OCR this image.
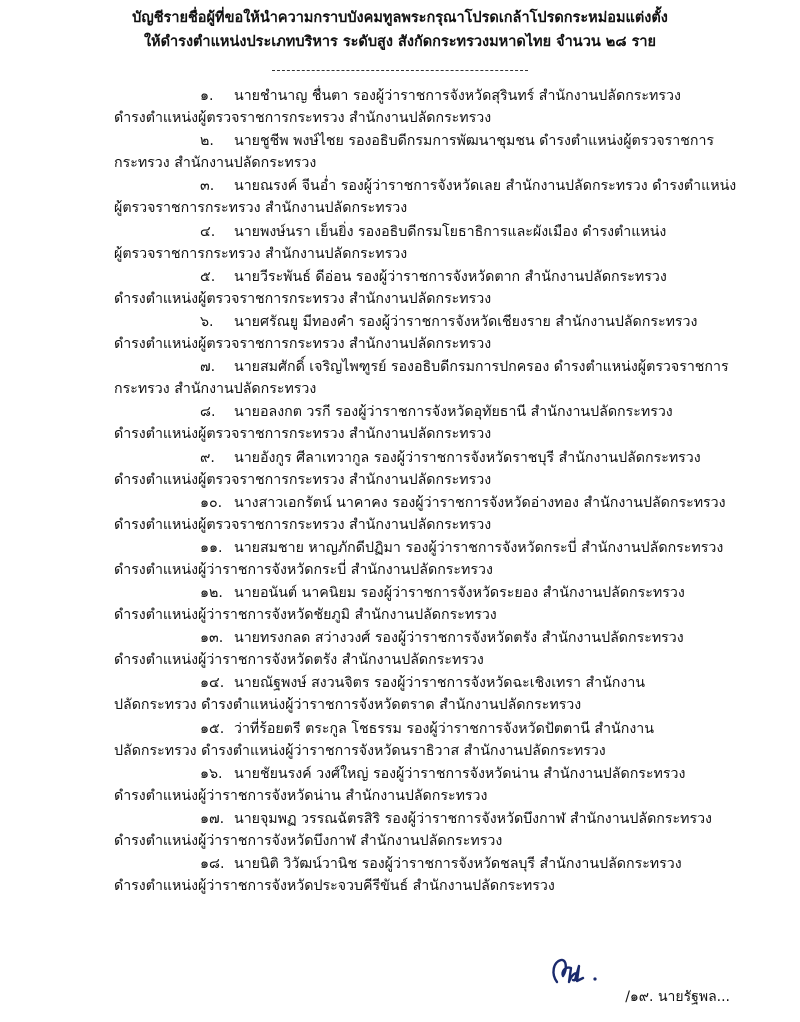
บัญชีรายชื่อผู้ที่ขอให้นำความกราบบังคมทูลพระกรุณาโปรดเกล้าโปรดกระหม่อมแต่งตั้ง
ให้ดำรงตำแหน่งประเภทบริหาร ระดับสูง สังกัดกระทรวงมหาดไทย จำนวน ๒๘ ราย
๑. นายชำนาญ ชื่นตา รองผู้ว่าราชการจังหวัดสุรินทร์ สำนักงานปลัดกระทรวง
ดำรงตำแหน่งผู้ตรวจราชการกระทรวง สำนักงานปลัดกระทรวง
๒. นายชูชีพ พงษ์ไชย รองอธิบดีกรมการพัฒนาชุมชน ดำรงตำแหน่งผู้ตรวจราชการ
กระทรวง สำนักงานปลัดกระทรวง
๓. นายณรงค์ จีนอ่ำ รองผู้ว่าราชการจังหวัดเลย สำนักงานปลัดกระทรวง ดำรงตำแหน่ง
ผู้ตรวจราชการกระทรวง สำนักงานปลัดกระทรวง
๔. นายพงษ์นรา เย็นยิ่ง รองอธิบดีกรมโยธาธิการและผังเมือง ดำรงตำแหน่ง
ผู้ตรวจราชการกระทรวง สำนักงานปลัดกระทรวง
๕. นายวีระพันธ์ ดีอ่อน รองผู้ว่าราชการจังหวัดตาก สำนักงานปลัดกระทรวง
ดำรงตำแหน่งผู้ตรวจราชการกระทรวง สำนักงานปลัดกระทรวง
๖. นายศรัณยู มีทองคำ รองผู้ว่าราชการจังหวัดเชียงราย สำนักงานปลัดกระทรวง
ดำรงตำแหน่งผู้ตรวจราชการกระทรวง สำนักงานปลัดกระทรวง
๗. นายสมศักดิ์ เจริญไพฑูรย์ รองอธิบดีกรมการปกครอง ดำรงตำแหน่งผู้ตรวจราชการ
กระทรวง สำนักงานปลัดกระทรวง
๘. นายอลงกต วรกี รองผู้ว่าราชการจังหวัดอุทัยธานี สำนักงานปลัดกระทรวง
ดำรงตำแหน่งผู้ตรวจราชการกระทรวง สำนักงานปลัดกระทรวง
๙. นายอังกูร ศีลาเทวากูล รองผู้ว่าราชการจังหวัดราชบุรี สำนักงานปลัดกระทรวง
ดำรงตำแหน่งผู้ตรวจราชการกระทรวง สำนักงานปลัดกระทรวง
๑๐. นางสาวเอกรัตน์ นาคาคง รองผู้ว่าราชการจังหวัดอ่างทอง สำนักงานปลัดกระทรวง
ดำรงตำแหน่งผู้ตรวจราชการกระทรวง สำนักงานปลัดกระทรวง
๑๑. นายสมชาย หาญภักดีปฏิมา รองผู้ว่าราชการจังหวัดกระบี่ สำนักงานปลัดกระทรวง
ดำรงตำแหน่งผู้ว่าราชการจังหวัดกระบี่ สำนักงานปลัดกระทรวง
๑๒. นายอนันต์ นาคนิยม รองผู้ว่าราชการจังหวัดระยอง สำนักงานปลัดกระทรวง
ดำรงตำแหน่งผู้ว่าราชการจังหวัดชัยภูมิ สำนักงานปลัดกระทรวง
๑๓. นายทรงกลด สว่างวงศ์ รองผู้ว่าราชการจังหวัดตรัง สำนักงานปลัดกระทรวง
ดำรงตำแหน่งผู้ว่าราชการจังหวัดตรัง สำนักงานปลัดกระทรวง
๑๔. นายณัฐพงษ์ สงวนจิตร รองผู้ว่าราชการจังหวัดฉะเชิงเทรา สำนักงาน
ปลัดกระทรวง ดำรงตำแหน่งผู้ว่าราชการจังหวัดตราด สำนักงานปลัดกระทรวง
๑๕. ว่าที่ร้อยตรี ตระกูล โชธรรม รองผู้ว่าราชการจังหวัดปัตตานี สำนักงาน
ปลัดกระทรวง ดำรงตำแหน่งผู้ว่าราชการจังหวัดนราธิวาส สำนักงานปลัดกระทรวง
๑๖. นายชัยนรงค์ วงศ์ใหญ่ รองผู้ว่าราชการจังหวัดน่าน สำนักงานปลัดกระทรวง
ดำรงตำแหน่งผู้ว่าราชการจังหวัดน่าน สำนักงานปลัดกระทรวง
๑๗. นายจุมพฏ วรรณฉัตรสิริ รองผู้ว่าราชการจังหวัดบึงกาฬ สำนักงานปลัดกระทรวง
ดำรงตำแหน่งผู้ว่าราชการจังหวัดบึงกาฬ สำนักงานปลัดกระทรวง
๑๘. นายนิติ วิวัฒน์วานิช รองผู้ว่าราชการจังหวัดชลบุรี สำนักงานปลัดกระทรวง
ดำรงตำแหน่งผู้ว่าราชการจังหวัดประจวบคีรีขันธ์ สำนักงานปลัดกระทรวง
/๑๙. นายรัฐพล...
